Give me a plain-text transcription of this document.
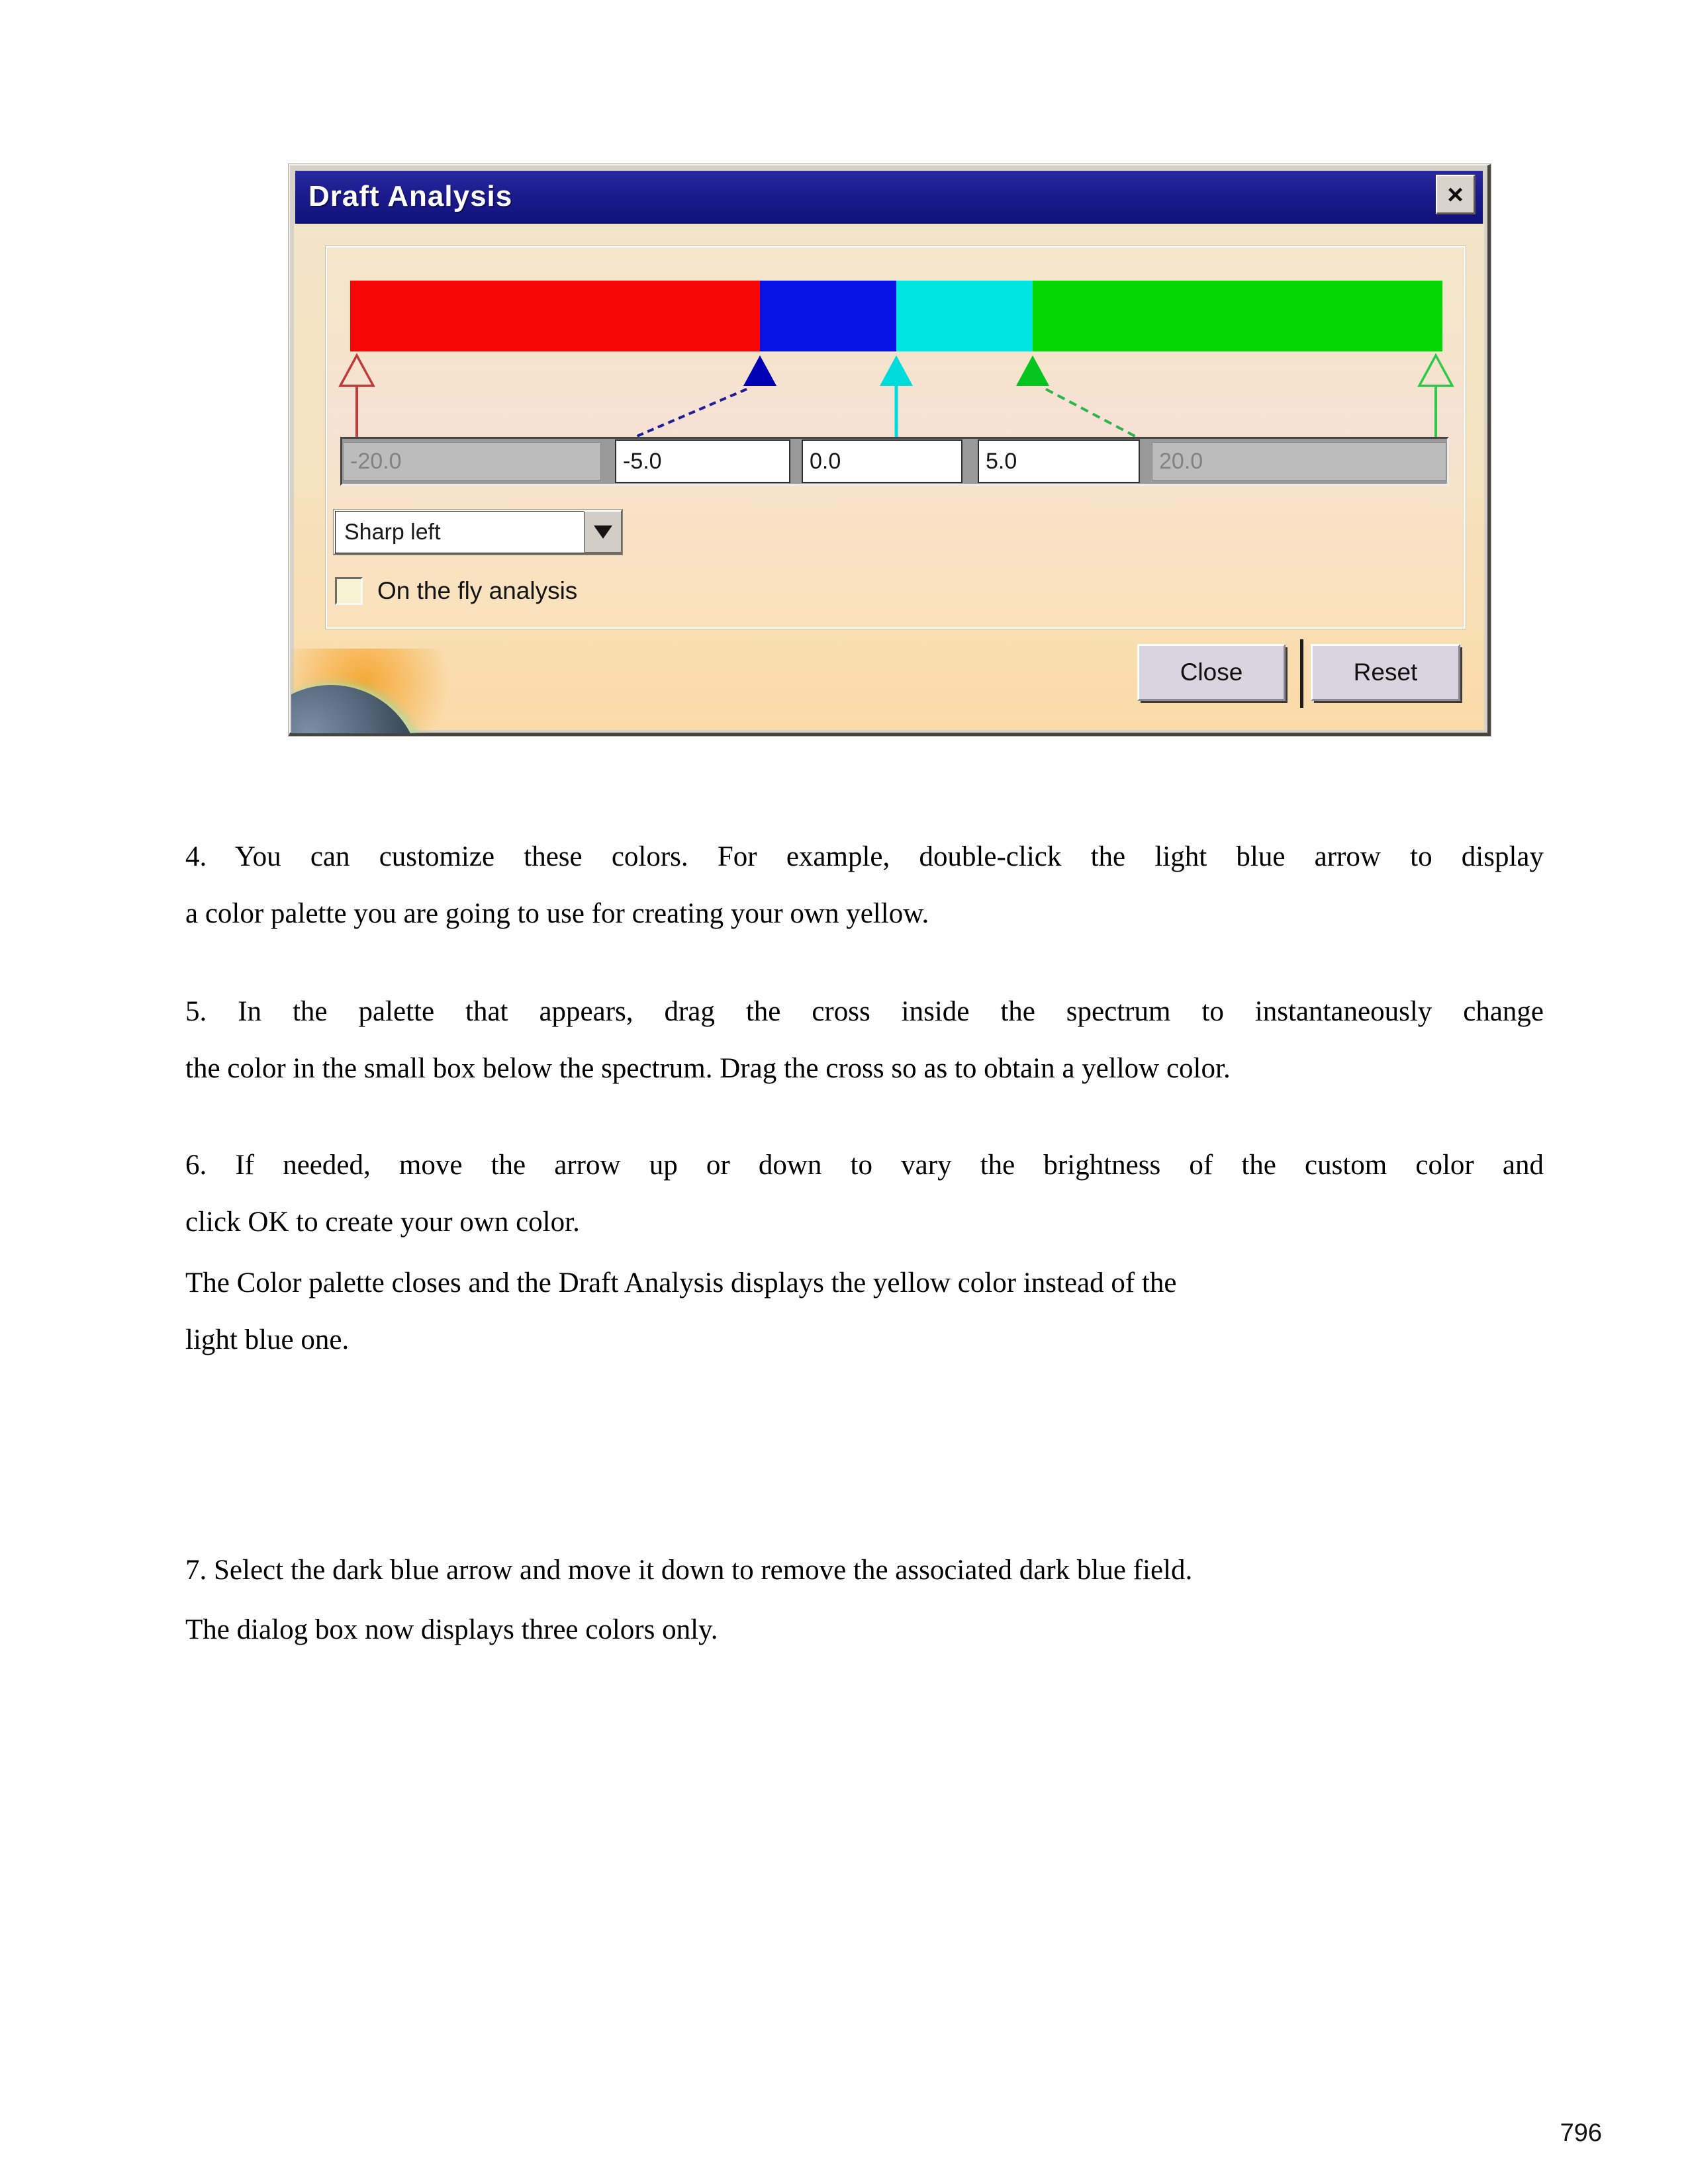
Draft Analysis	×
-20.0	-5.0	0.0	5.0	20.0
Sharp left
On the fly analysis
Close	Reset
4. You can customize these colors. For example, double-click the light blue arrow to display
a color palette you are going to use for creating your own yellow.
5. In the palette that appears, drag the cross inside the spectrum to instantaneously change
the color in the small box below the spectrum. Drag the cross so as to obtain a yellow color.
6. If needed, move the arrow up or down to vary the brightness of the custom color and
click OK to create your own color.
The Color palette closes and the Draft Analysis displays the yellow color instead of the
light blue one.
7. Select the dark blue arrow and move it down to remove the associated dark blue field.
The dialog box now displays three colors only.
796
